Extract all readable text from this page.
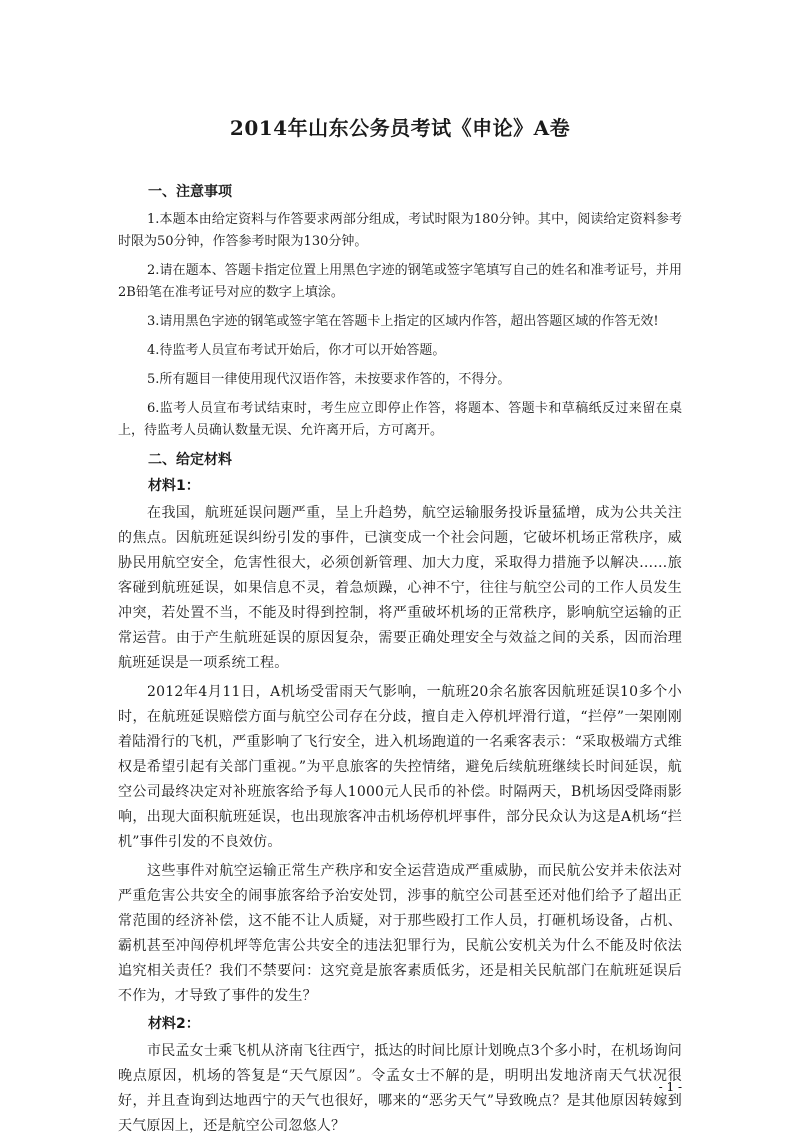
2014年山东公务员考试《申论》A卷
一、注意事项

1.本题本由给定资料与作答要求两部分组成，考试时限为180分钟。其中，阅读给定资料参考时限为50分钟，作答参考时限为130分钟。

2.请在题本、答题卡指定位置上用黑色字迹的钢笔或签字笔填写自己的姓名和准考证号，并用2B铅笔在准考证号对应的数字上填涂。

3.请用黑色字迹的钢笔或签字笔在答题卡上指定的区域内作答，超出答题区域的作答无效!

4.待监考人员宣布考试开始后，你才可以开始答题。

5.所有题目一律使用现代汉语作答，未按要求作答的，不得分。

6.监考人员宣布考试结束时，考生应立即停止作答，将题本、答题卡和草稿纸反过来留在桌上，待监考人员确认数量无误、允许离开后，方可离开。

二、给定材料
材料1：

在我国，航班延误问题严重，呈上升趋势，航空运输服务投诉量猛增，成为公共关注的焦点。因航班延误纠纷引发的事件，已演变成一个社会问题，它破坏机场正常秩序，威胁民用航空安全，危害性很大，必须创新管理、加大力度，采取得力措施予以解决……旅客碰到航班延误，如果信息不灵，着急烦躁，心神不宁，往往与航空公司的工作人员发生冲突，若处置不当，不能及时得到控制，将严重破坏机场的正常秩序，影响航空运输的正常运营。由于产生航班延误的原因复杂，需要正确处理安全与效益之间的关系，因而治理航班延误是一项系统工程。

2012年4月11日，A机场受雷雨天气影响，一航班20余名旅客因航班延误10多个小时，在航班延误赔偿方面与航空公司存在分歧，擅自走入停机坪滑行道，“拦停”一架刚刚着陆滑行的飞机，严重影响了飞行安全，进入机场跑道的一名乘客表示：“采取极端方式维权是希望引起有关部门重视。”为平息旅客的失控情绪，避免后续航班继续长时间延误，航空公司最终决定对补班旅客给予每人1000元人民币的补偿。时隔两天，B机场因受降雨影响，出现大面积航班延误，也出现旅客冲击机场停机坪事件，部分民众认为这是A机场“拦机”事件引发的不良效仿。

这些事件对航空运输正常生产秩序和安全运营造成严重威胁，而民航公安并未依法对严重危害公共安全的闹事旅客给予治安处罚，涉事的航空公司甚至还对他们给予了超出正常范围的经济补偿，这不能不让人质疑，对于那些殴打工作人员，打砸机场设备，占机、霸机甚至冲闯停机坪等危害公共安全的违法犯罪行为，民航公安机关为什么不能及时依法追究相关责任？我们不禁要问：这究竟是旅客素质低劣，还是相关民航部门在航班延误后不作为，才导致了事件的发生？

材料2：

市民孟女士乘飞机从济南飞往西宁，抵达的时间比原计划晚点3个多小时，在机场询问晚点原因，机场的答复是“天气原因”。令孟女士不解的是，明明出发地济南天气状况很好，并且查询到达地西宁的天气也很好，哪来的“恶劣天气”导致晚点？是其他原因转嫁到天气原因上，还是航空公司忽悠人？

- 1 -
